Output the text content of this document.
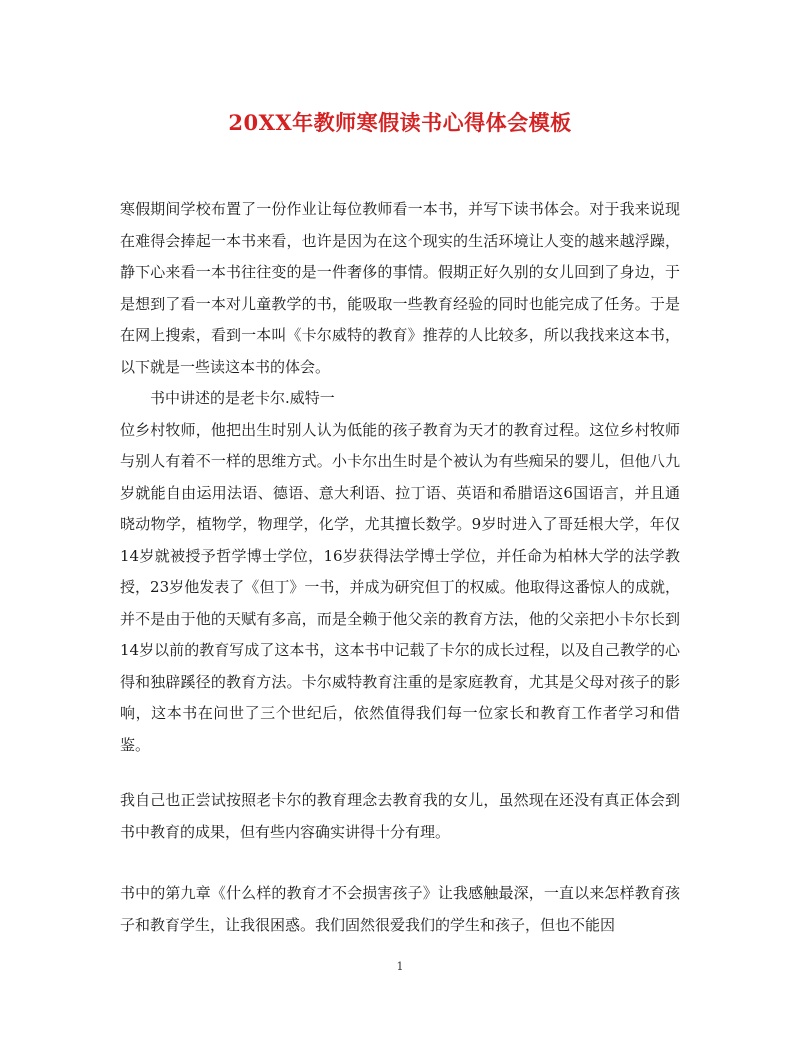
20XX年教师寒假读书心得体会模板

寒假期间学校布置了一份作业让每位教师看一本书，并写下读书体会。对于我来说现在难得会捧起一本书来看，也许是因为在这个现实的生活环境让人变的越来越浮躁，静下心来看一本书往往变的是一件奢侈的事情。假期正好久别的女儿回到了身边，于是想到了看一本对儿童教学的书，能吸取一些教育经验的同时也能完成了任务。于是在网上搜索，看到一本叫《卡尔威特的教育》推荐的人比较多，所以我找来这本书，以下就是一些读这本书的体会。

书中讲述的是老卡尔.威特一

位乡村牧师，他把出生时别人认为低能的孩子教育为天才的教育过程。这位乡村牧师与别人有着不一样的思维方式。小卡尔出生时是个被认为有些痴呆的婴儿，但他八九岁就能自由运用法语、德语、意大利语、拉丁语、英语和希腊语这6国语言，并且通晓动物学，植物学，物理学，化学，尤其擅长数学。9岁时进入了哥廷根大学，年仅14岁就被授予哲学博士学位，16岁获得法学博士学位，并任命为柏林大学的法学教授，23岁他发表了《但丁》一书，并成为研究但丁的权威。他取得这番惊人的成就，并不是由于他的天赋有多高，而是全赖于他父亲的教育方法，他的父亲把小卡尔长到14岁以前的教育写成了这本书，这本书中记载了卡尔的成长过程，以及自己教学的心得和独辟蹊径的教育方法。卡尔威特教育注重的是家庭教育，尤其是父母对孩子的影响，这本书在问世了三个世纪后，依然值得我们每一位家长和教育工作者学习和借鉴。

我自己也正尝试按照老卡尔的教育理念去教育我的女儿，虽然现在还没有真正体会到书中教育的成果，但有些内容确实讲得十分有理。

书中的第九章《什么样的教育才不会损害孩子》让我感触最深，一直以来怎样教育孩子和教育学生，让我很困惑。我们固然很爱我们的学生和孩子，但也不能因

1
